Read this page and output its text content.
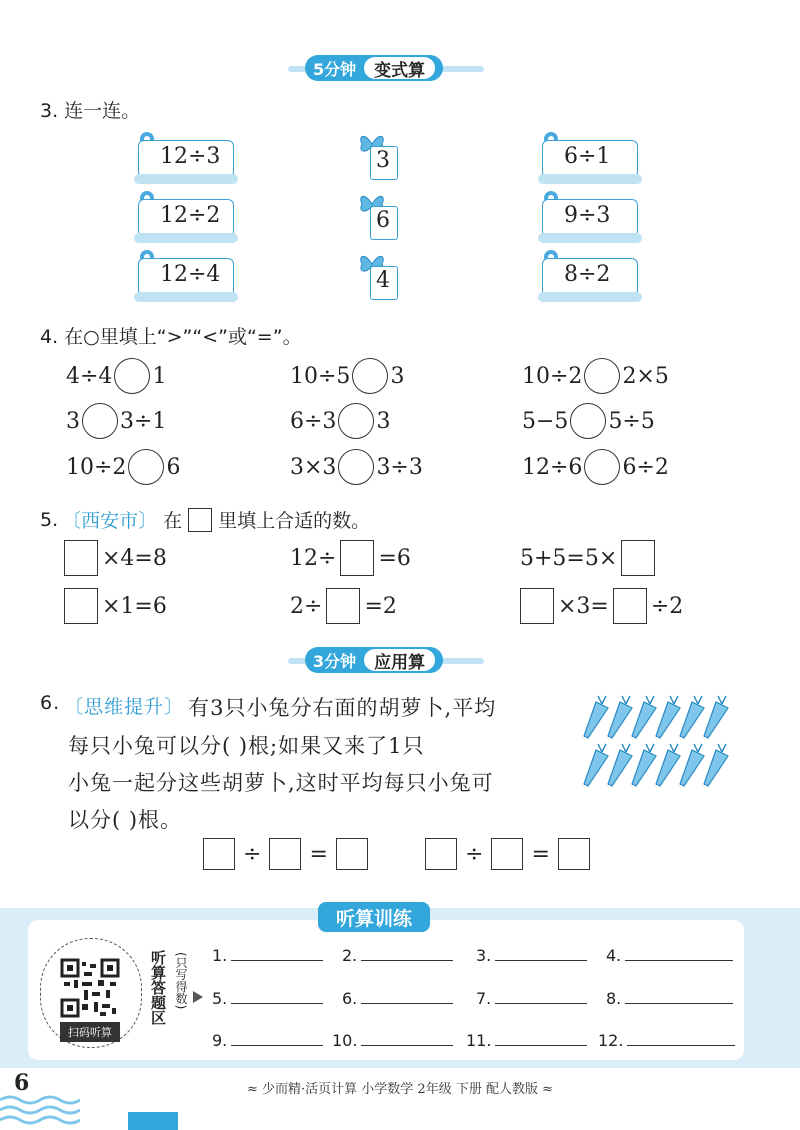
5分钟	变式算
3. 连一连。
12÷3
12÷2
12÷4
3
6
4
6÷1
9÷3
8÷2
4. 在○里填上“>”“<”或“=”。
4÷4 1	10÷5 3	10÷2 2×5
3 3÷1	6÷3 3	5−5 5÷5
10÷2 6	3×3 3÷3	12÷6 6÷2
5. 〔西安市〕 在 里填上合适的数。
×4=8	12÷ =6	5+5=5×
×1=6	2÷ =2	×3= ÷2
3分钟	应用算
6. 〔思维提升〕 有3只小兔分右面的胡萝卜,平均
每只小兔可以分( )根;如果又来了1只
小兔一起分这些胡萝卜,这时平均每只小兔可
以分( )根。
÷ =	÷ =
听算训练
扫码听算
听算答题区 (只写得数) 1.	2.	3.	4.
5.	6.	7.	8.
9.	10.	11.	12.
6	≈ 少而精·活页计算 小学数学 2年级 下册 配人教版 ≈
